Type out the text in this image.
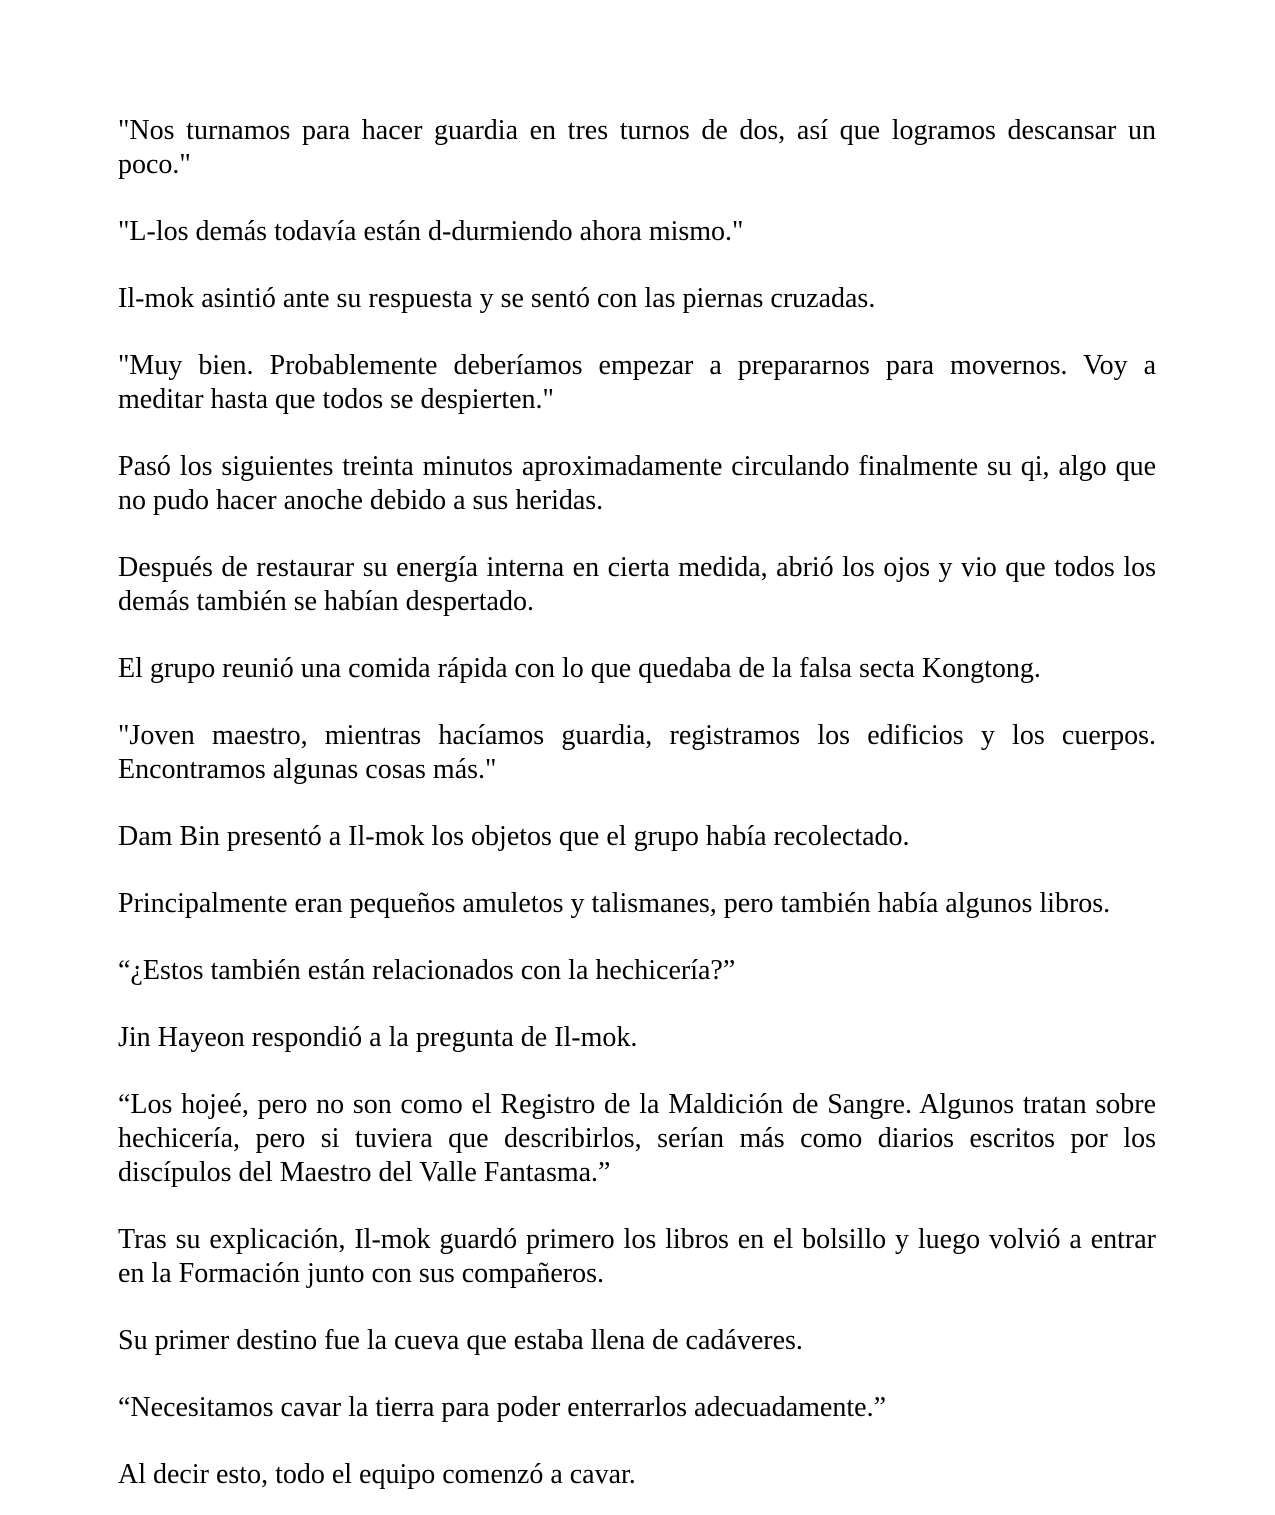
"Nos turnamos para hacer guardia en tres turnos de dos, así que logramos descansar un poco."

"L-los demás todavía están d-durmiendo ahora mismo."

Il-mok asintió ante su respuesta y se sentó con las piernas cruzadas.

"Muy bien. Probablemente deberíamos empezar a prepararnos para movernos. Voy a meditar hasta que todos se despierten."

Pasó los siguientes treinta minutos aproximadamente circulando finalmente su qi, algo que no pudo hacer anoche debido a sus heridas.

Después de restaurar su energía interna en cierta medida, abrió los ojos y vio que todos los demás también se habían despertado.

El grupo reunió una comida rápida con lo que quedaba de la falsa secta Kongtong.

"Joven maestro, mientras hacíamos guardia, registramos los edificios y los cuerpos. Encontramos algunas cosas más."

Dam Bin presentó a Il-mok los objetos que el grupo había recolectado.

Principalmente eran pequeños amuletos y talismanes, pero también había algunos libros.

“¿Estos también están relacionados con la hechicería?”

Jin Hayeon respondió a la pregunta de Il-mok.

“Los hojeé, pero no son como el Registro de la Maldición de Sangre. Algunos tratan sobre hechicería, pero si tuviera que describirlos, serían más como diarios escritos por los discípulos del Maestro del Valle Fantasma.”

Tras su explicación, Il-mok guardó primero los libros en el bolsillo y luego volvió a entrar en la Formación junto con sus compañeros.

Su primer destino fue la cueva que estaba llena de cadáveres.

“Necesitamos cavar la tierra para poder enterrarlos adecuadamente.”

Al decir esto, todo el equipo comenzó a cavar.
